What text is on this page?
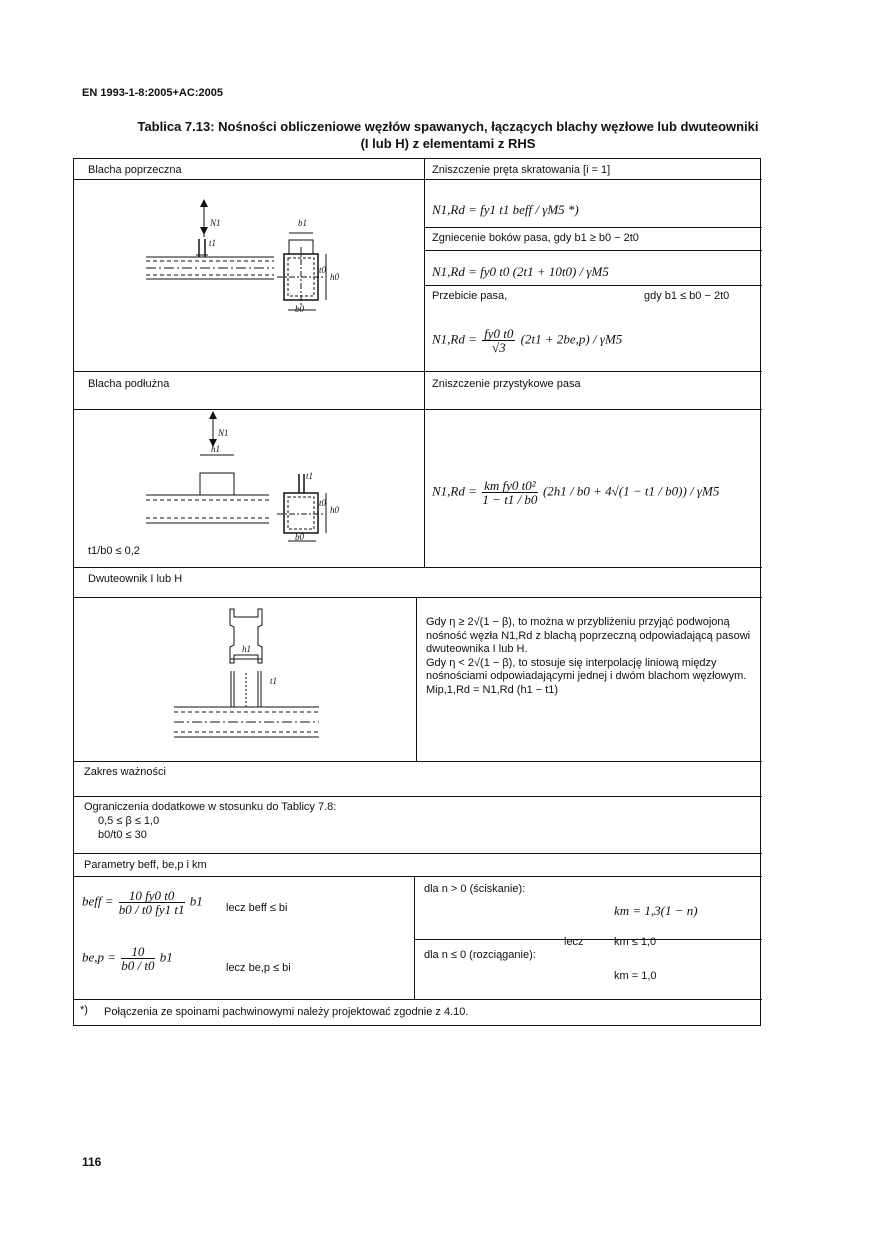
EN 1993-1-8:2005+AC:2005
Tablica 7.13: Nośności obliczeniowe węzłów spawanych, łączących blachy węzłowe lub dwuteowniki
(I lub H) z elementami z RHS
Blacha poprzeczna	Zniszczenie pręta skratowania [i = 1]
N1,Rd = fy1 t1 beff / γM5 *)
Zgniecenie boków pasa, gdy b1 ≥ b0 − 2t0
N1,Rd = fy0 t0 (2t1 + 10t0) / γM5
Przebicie pasa,	gdy b1 ≤ b0 − 2t0
$N1,Rd = \frac{fy0 t0}{√3} (2t1 + 2be,p) / \gamma M5$
Blacha podłużna	Zniszczenie przystykowe pasa
$N1,Rd = \frac{\text{km fy0 t0²}}{1 - t1 / b0} (2h1 / b0 + 4√(1 - t1 / b0)) / \gamma M5$
t1/b0 ≤ 0,2
Dwuteownik I lub H
Gdy η ≥ 2√(1 − β), to można w przybliżeniu przyjąć podwojoną nośność węzła N1,Rd z blachą poprzeczną odpowiadającą pasowi dwuteownika I lub H.
Gdy η < 2√(1 − β), to stosuje się interpolację liniową między nośnościami odpowiadającymi jednej i dwóm blachom węzłowym.
Mip,1,Rd = N1,Rd (h1 − t1)
Zakres ważności
Ograniczenia dodatkowe w stosunku do Tablicy 7.8:
0,5 ≤ β ≤ 1,0
b0/t0 ≤ 30
Parametry beff, be,p i km
beff = $\frac{10 fy0 t0}{b0 / t0 fy1 t1} b1$ lecz beff ≤ bi
$be,p = \frac{10}{b0 / t0} b1$
lecz be,p ≤ bi
dla n > 0 (ściskanie):
km = 1,3(1 − n)
lecz	km ≤ 1,0
dla n ≤ 0 (rozciąganie):
km = 1,0
*) Połączenia ze spoinami pachwinowymi należy projektować zgodnie z 4.10.
N1
t1
b1
t0
h0
b0
N1
h1
t1
t0
h0
b0
h1
t1
116
